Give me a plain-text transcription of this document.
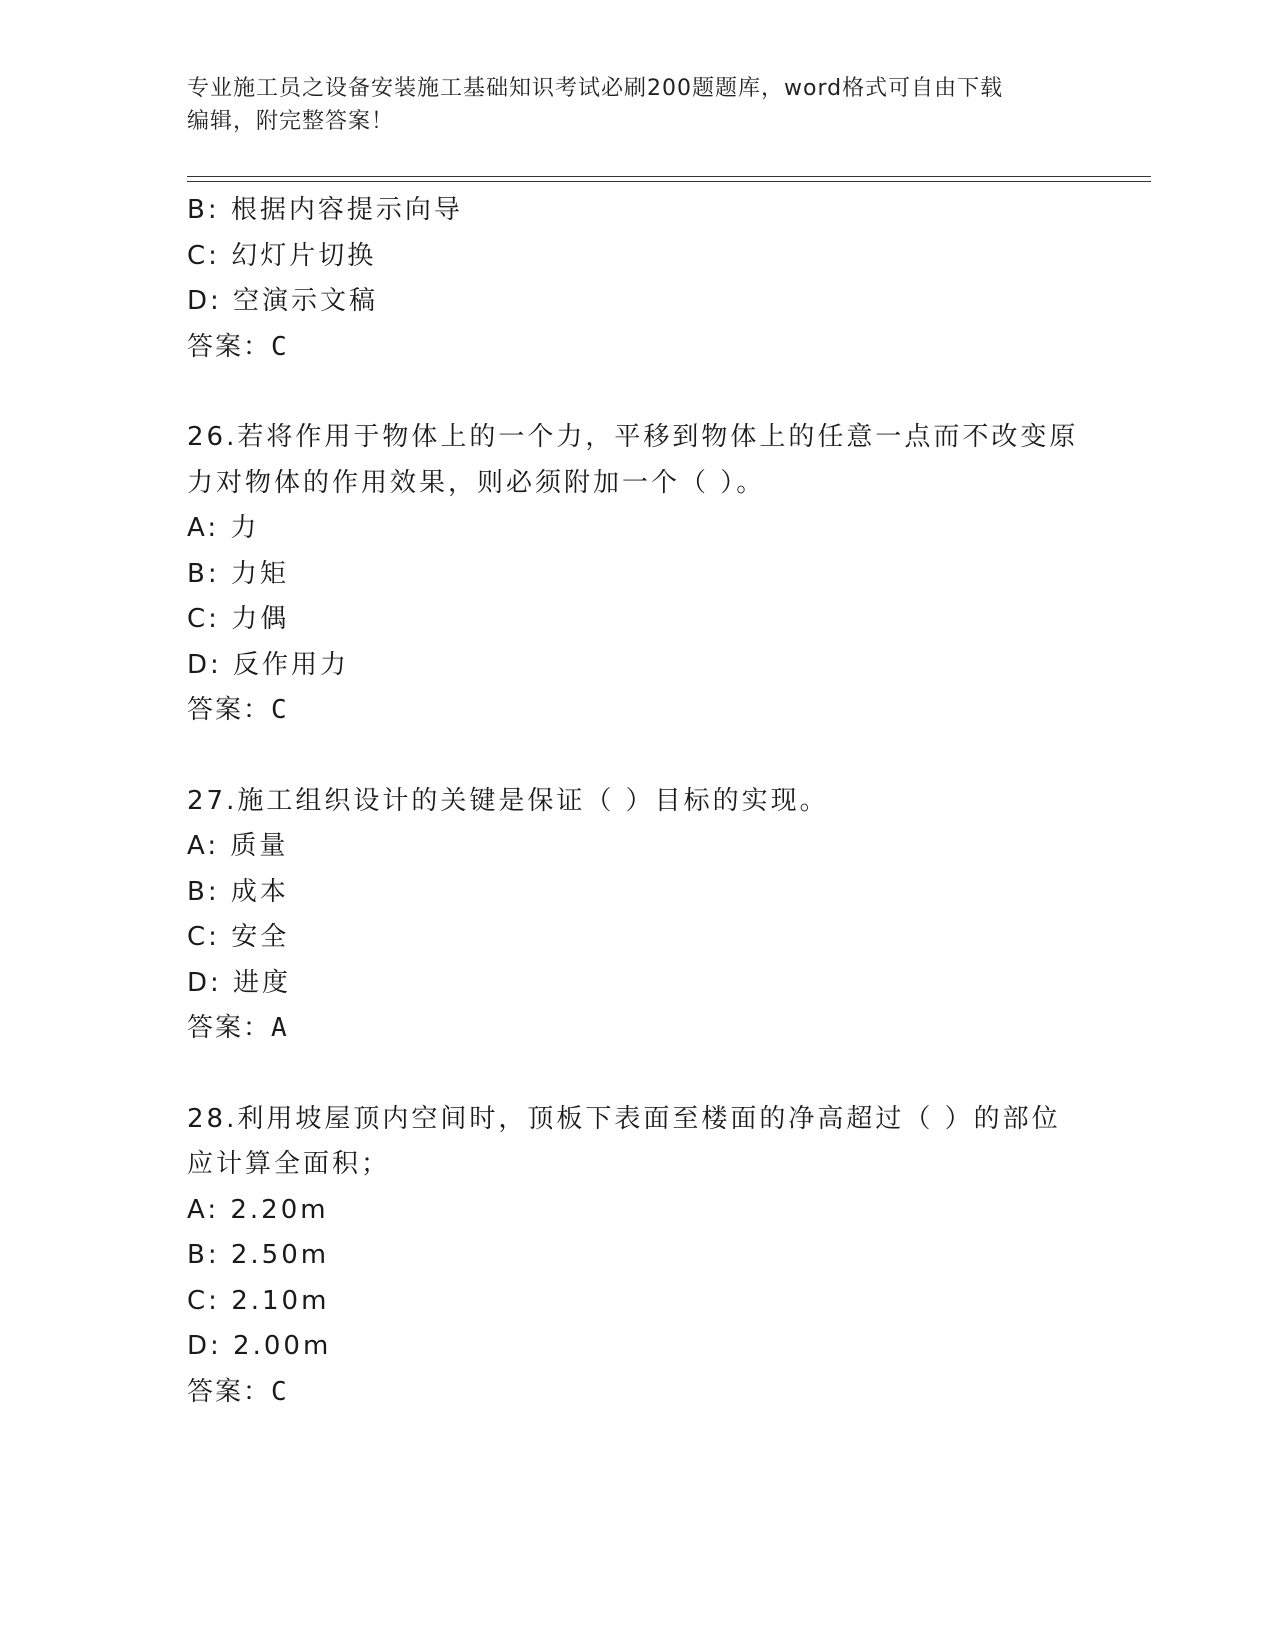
专业施工员之设备安装施工基础知识考试必刷200题题库，word格式可自由下载
编辑，附完整答案！
B: 根据内容提示向导
C: 幻灯片切换
D: 空演示文稿
答案：C
26.若将作用于物体上的一个力，平移到物体上的任意一点而不改变原
力对物体的作用效果，则必须附加一个（ ）。
A: 力
B: 力矩
C: 力偶
D: 反作用力
答案：C
27.施工组织设计的关键是保证（ ）目标的实现。
A: 质量
B: 成本
C: 安全
D: 进度
答案：A
28.利用坡屋顶内空间时，顶板下表面至楼面的净高超过（ ）的部位
应计算全面积；
A: 2.20m
B: 2.50m
C: 2.10m
D: 2.00m
答案：C
